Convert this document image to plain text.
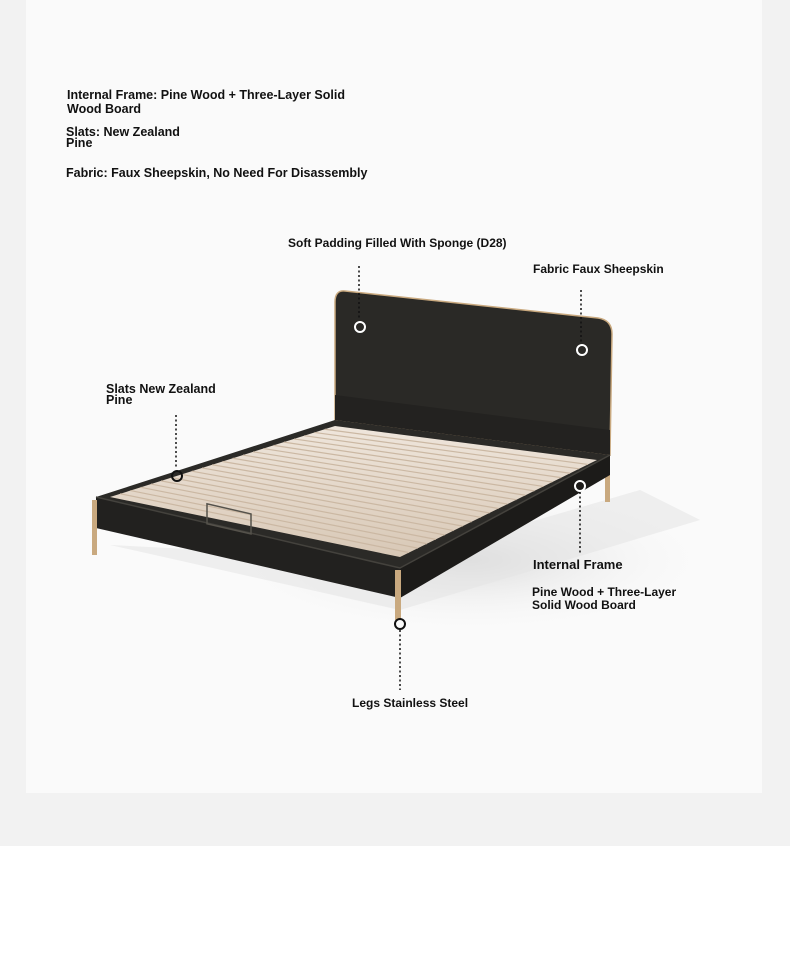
Internal Frame: Pine Wood + Three-Layer Solid Wood Board

Slats: New Zealand Pine

Fabric: Faux Sheepskin, No Need For Disassembly

Soft Padding Filled With Sponge (D28)

Fabric Faux Sheepskin

Slats New Zealand Pine

Internal Frame

Pine Wood + Three-Layer Solid Wood Board

Legs Stainless Steel
